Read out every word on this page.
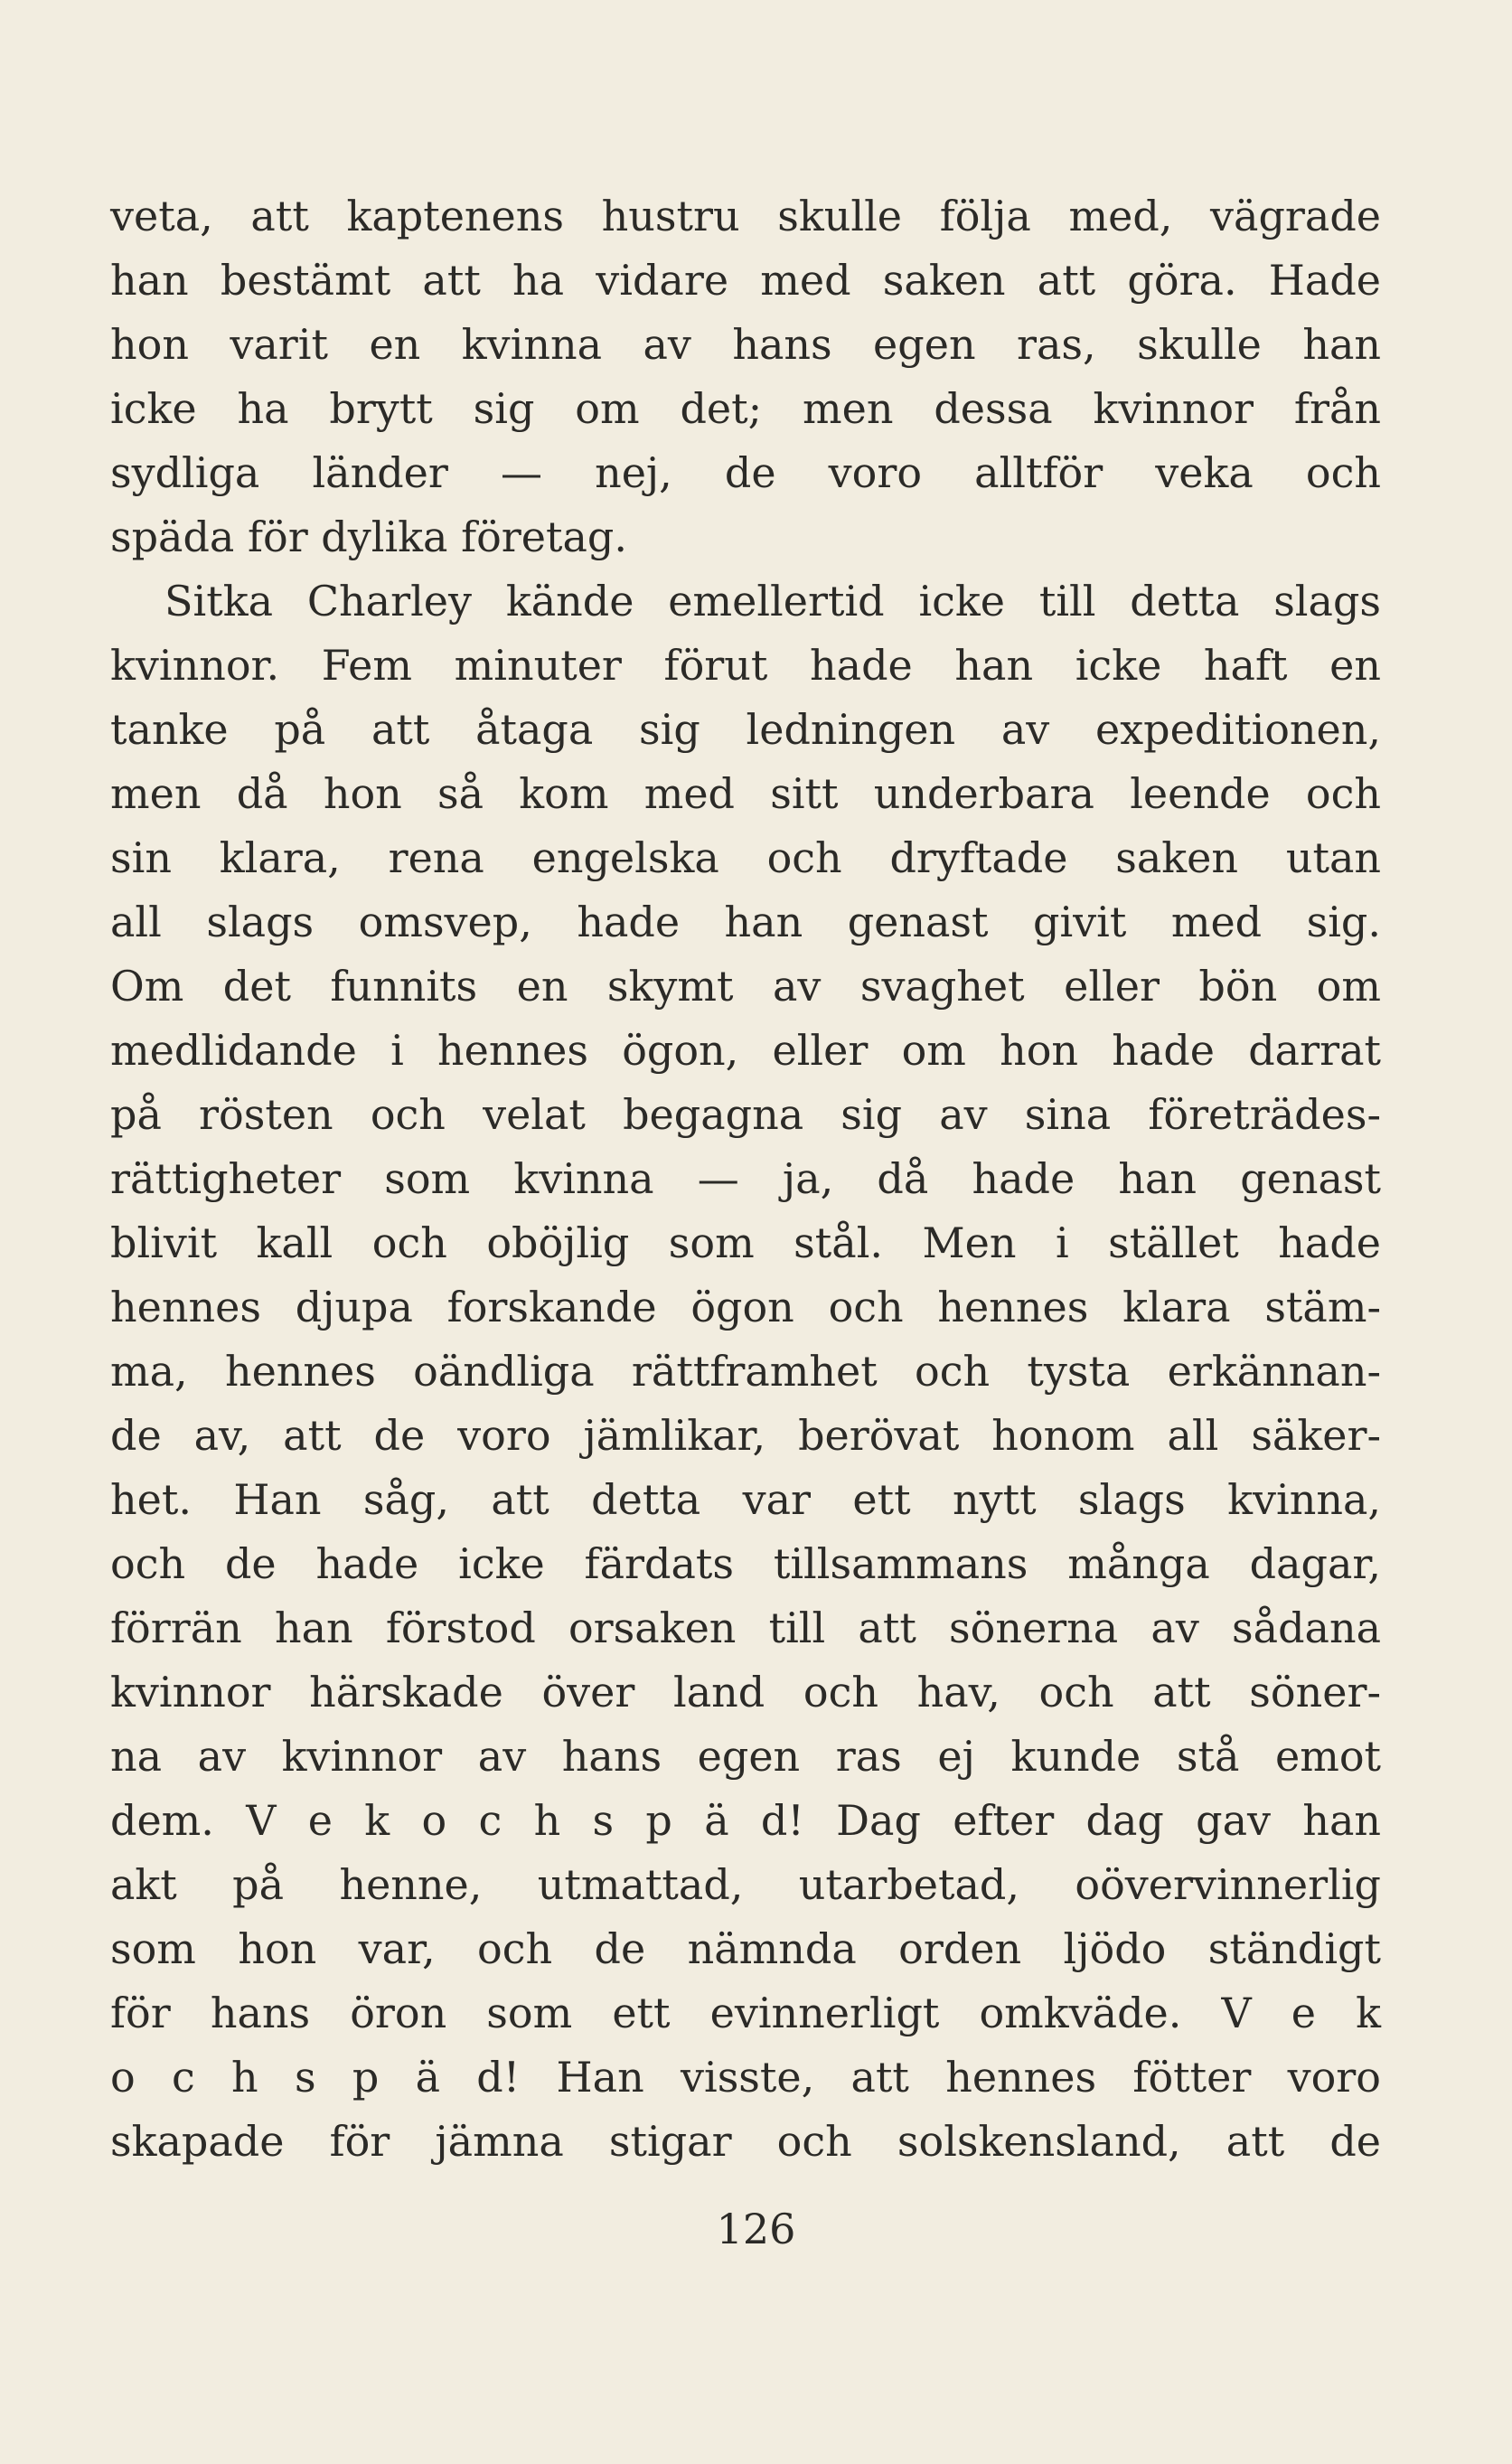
veta, att kaptenens hustru skulle följa med, vägrade
han bestämt att ha vidare med saken att göra. Hade
hon varit en kvinna av hans egen ras, skulle han
icke ha brytt sig om det; men dessa kvinnor från
sydliga länder — nej, de voro alltför veka och
späda för dylika företag.
Sitka Charley kände emellertid icke till detta slags
kvinnor. Fem minuter förut hade han icke haft en
tanke på att åtaga sig ledningen av expeditionen,
men då hon så kom med sitt underbara leende och
sin klara, rena engelska och dryftade saken utan
all slags omsvep, hade han genast givit med sig.
Om det funnits en skymt av svaghet eller bön om
medlidande i hennes ögon, eller om hon hade darrat
på rösten och velat begagna sig av sina företrädes-
rättigheter som kvinna — ja, då hade han genast
blivit kall och oböjlig som stål. Men i stället hade
hennes djupa forskande ögon och hennes klara stäm-
ma, hennes oändliga rättframhet och tysta erkännan-
de av, att de voro jämlikar, berövat honom all säker-
het. Han såg, att detta var ett nytt slags kvinna,
och de hade icke färdats tillsammans många dagar,
förrän han förstod orsaken till att sönerna av sådana
kvinnor härskade över land och hav, och att söner-
na av kvinnor av hans egen ras ej kunde stå emot
dem. V e k o c h s p ä d! Dag efter dag gav han
akt på henne, utmattad, utarbetad, oövervinnerlig
som hon var, och de nämnda orden ljödo ständigt
för hans öron som ett evinnerligt omkväde. V e k
o c h s p ä d! Han visste, att hennes fötter voro
skapade för jämna stigar och solskensland, att de
126
